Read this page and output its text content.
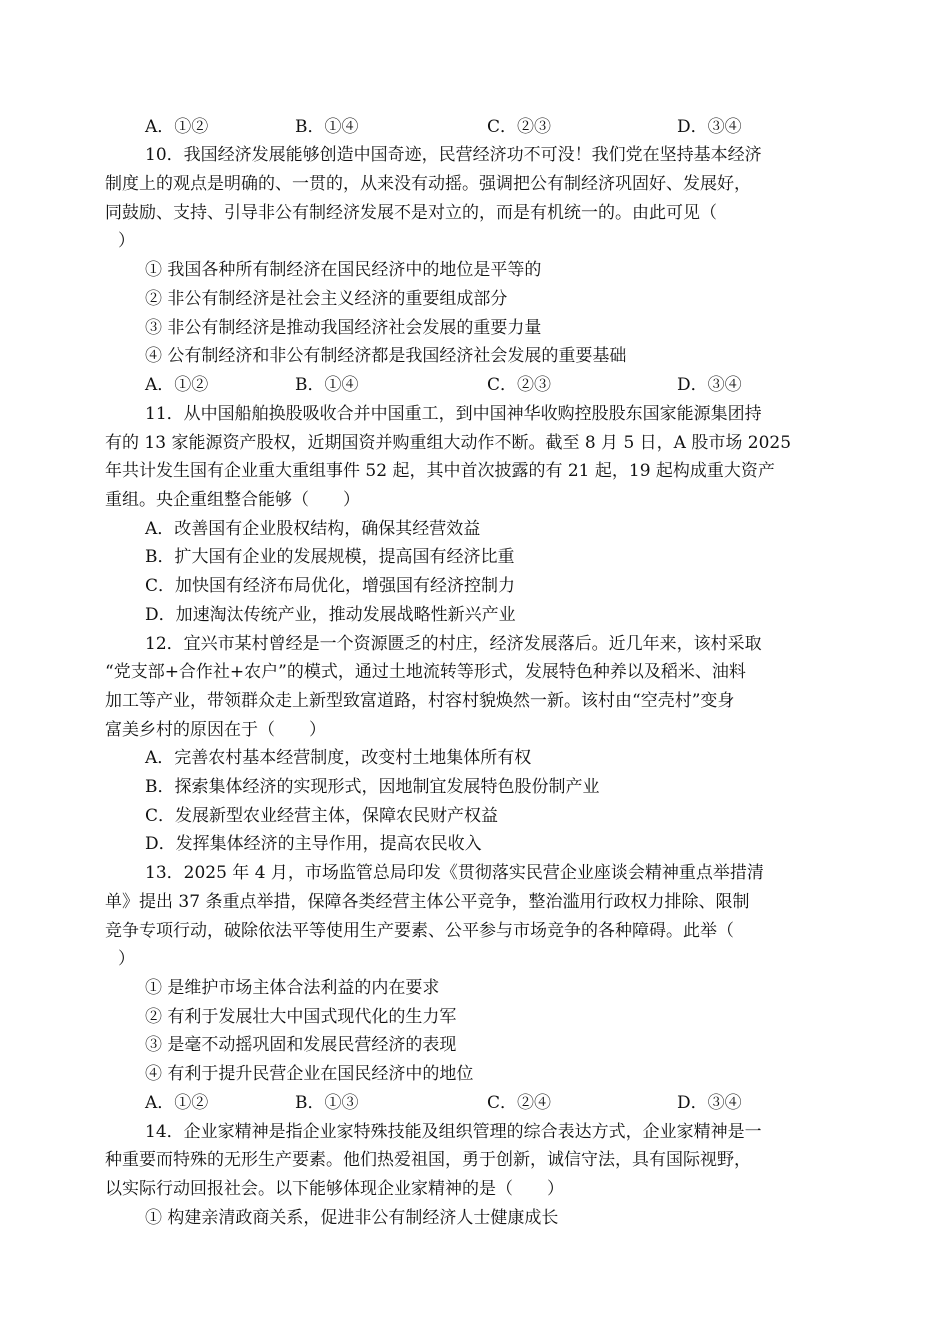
A．①②	B．①④	C．②③	D．③④
10．我国经济发展能够创造中国奇迹，民营经济功不可没！我们党在坚持基本经济
制度上的观点是明确的、一贯的，从来没有动摇。强调把公有制经济巩固好、发展好，
同鼓励、支持、引导非公有制经济发展不是对立的，而是有机统一的。由此可见（
）
① 我国各种所有制经济在国民经济中的地位是平等的
② 非公有制经济是社会主义经济的重要组成部分
③ 非公有制经济是推动我国经济社会发展的重要力量
④ 公有制经济和非公有制经济都是我国经济社会发展的重要基础
A．①②	B．①④	C．②③	D．③④
11．从中国船舶换股吸收合并中国重工，到中国神华收购控股股东国家能源集团持
有的 13 家能源资产股权，近期国资并购重组大动作不断。截至 8 月 5 日，A 股市场 2025
年共计发生国有企业重大重组事件 52 起，其中首次披露的有 21 起，19 起构成重大资产
重组。央企重组整合能够（　　）
A．改善国有企业股权结构，确保其经营效益
B．扩大国有企业的发展规模，提高国有经济比重
C．加快国有经济布局优化，增强国有经济控制力
D．加速淘汰传统产业，推动发展战略性新兴产业
12．宜兴市某村曾经是一个资源匮乏的村庄，经济发展落后。近几年来，该村采取
“党支部+合作社+农户”的模式，通过土地流转等形式，发展特色种养以及稻米、油料
加工等产业，带领群众走上新型致富道路，村容村貌焕然一新。该村由“空壳村”变身
富美乡村的原因在于（　　）
A．完善农村基本经营制度，改变村土地集体所有权
B．探索集体经济的实现形式，因地制宜发展特色股份制产业
C．发展新型农业经营主体，保障农民财产权益
D．发挥集体经济的主导作用，提高农民收入
13．2025 年 4 月，市场监管总局印发《贯彻落实民营企业座谈会精神重点举措清
单》提出 37 条重点举措，保障各类经营主体公平竞争，整治滥用行政权力排除、限制
竞争专项行动，破除依法平等使用生产要素、公平参与市场竞争的各种障碍。此举（
）
① 是维护市场主体合法利益的内在要求
② 有利于发展壮大中国式现代化的生力军
③ 是毫不动摇巩固和发展民营经济的表现
④ 有利于提升民营企业在国民经济中的地位
A．①②	B．①③	C．②④	D．③④
14．企业家精神是指企业家特殊技能及组织管理的综合表达方式，企业家精神是一
种重要而特殊的无形生产要素。他们热爱祖国，勇于创新，诚信守法，具有国际视野，
以实际行动回报社会。以下能够体现企业家精神的是（　　）
① 构建亲清政商关系，促进非公有制经济人士健康成长
